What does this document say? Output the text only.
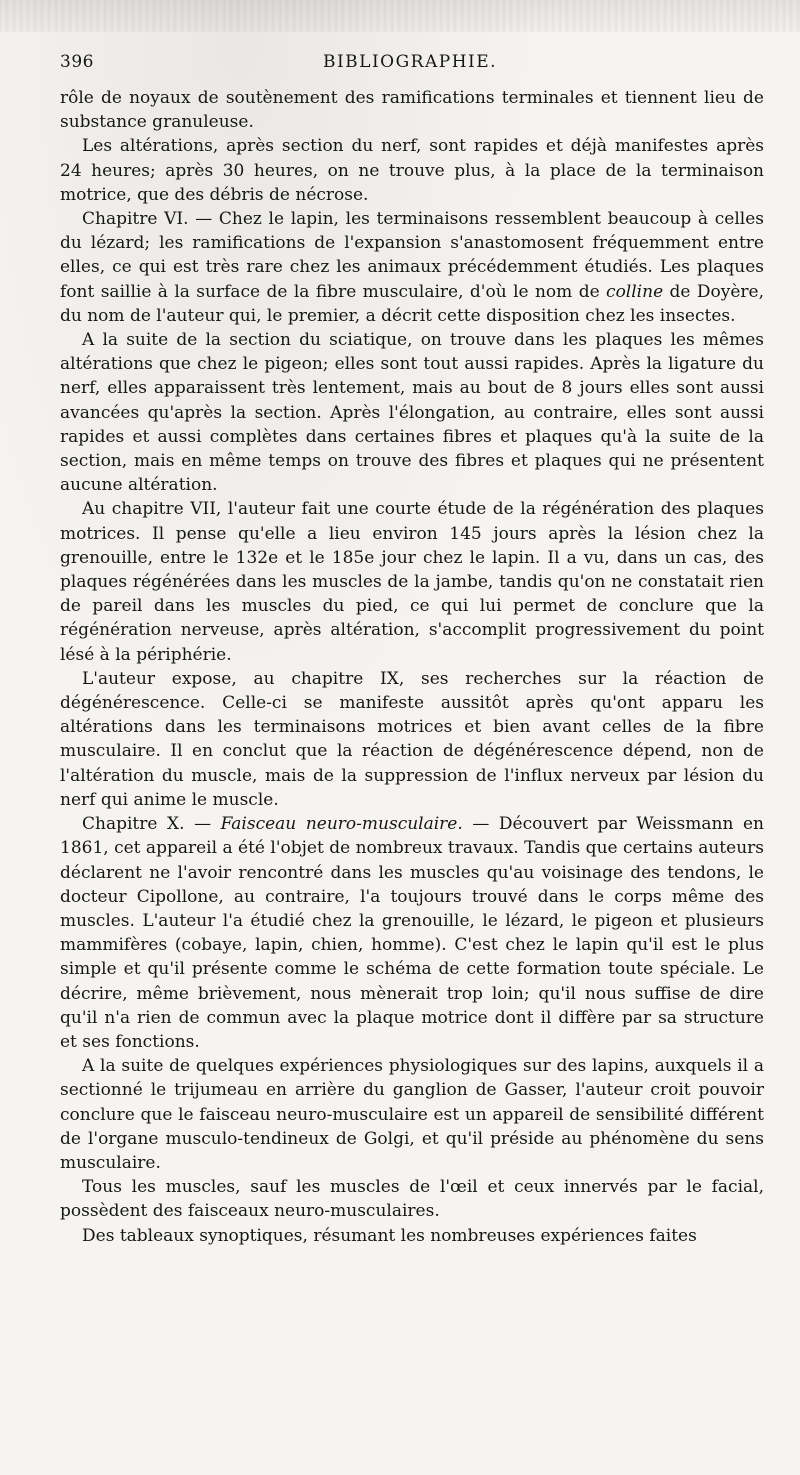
396	BIBLIOGRAPHIE.

rôle de noyaux de soutènement des ramifications terminales et tiennent lieu de substance granuleuse.

Les altérations, après section du nerf, sont rapides et déjà manifestes après 24 heures; après 30 heures, on ne trouve plus, à la place de la terminaison motrice, que des débris de nécrose.

Chapitre VI. — Chez le lapin, les terminaisons ressemblent beaucoup à celles du lézard; les ramifications de l'expansion s'anastomosent fréquemment entre elles, ce qui est très rare chez les animaux précédemment étudiés. Les plaques font saillie à la surface de la fibre musculaire, d'où le nom de colline de Doyère, du nom de l'auteur qui, le premier, a décrit cette disposition chez les insectes.

A la suite de la section du sciatique, on trouve dans les plaques les mêmes altérations que chez le pigeon; elles sont tout aussi rapides. Après la ligature du nerf, elles apparaissent très lentement, mais au bout de 8 jours elles sont aussi avancées qu'après la section. Après l'élongation, au contraire, elles sont aussi rapides et aussi complètes dans certaines fibres et plaques qu'à la suite de la section, mais en même temps on trouve des fibres et plaques qui ne présentent aucune altération.

Au chapitre VII, l'auteur fait une courte étude de la régénération des plaques motrices. Il pense qu'elle a lieu environ 145 jours après la lésion chez la grenouille, entre le 132e et le 185e jour chez le lapin. Il a vu, dans un cas, des plaques régénérées dans les muscles de la jambe, tandis qu'on ne constatait rien de pareil dans les muscles du pied, ce qui lui permet de conclure que la régénération nerveuse, après altération, s'accomplit progressivement du point lésé à la périphérie.

L'auteur expose, au chapitre IX, ses recherches sur la réaction de dégénérescence. Celle-ci se manifeste aussitôt après qu'ont apparu les altérations dans les terminaisons motrices et bien avant celles de la fibre musculaire. Il en conclut que la réaction de dégénérescence dépend, non de l'altération du muscle, mais de la suppression de l'influx nerveux par lésion du nerf qui anime le muscle.

Chapitre X. — Faisceau neuro-musculaire. — Découvert par Weissmann en 1861, cet appareil a été l'objet de nombreux travaux. Tandis que certains auteurs déclarent ne l'avoir rencontré dans les muscles qu'au voisinage des tendons, le docteur Cipollone, au contraire, l'a toujours trouvé dans le corps même des muscles. L'auteur l'a étudié chez la grenouille, le lézard, le pigeon et plusieurs mammifères (cobaye, lapin, chien, homme). C'est chez le lapin qu'il est le plus simple et qu'il présente comme le schéma de cette formation toute spéciale. Le décrire, même brièvement, nous mènerait trop loin; qu'il nous suffise de dire qu'il n'a rien de commun avec la plaque motrice dont il diffère par sa structure et ses fonctions.

A la suite de quelques expériences physiologiques sur des lapins, auxquels il a sectionné le trijumeau en arrière du ganglion de Gasser, l'auteur croit pouvoir conclure que le faisceau neuro-musculaire est un appareil de sensibilité différent de l'organe musculo-tendineux de Golgi, et qu'il préside au phénomène du sens musculaire.

Tous les muscles, sauf les muscles de l'œil et ceux innervés par le facial, possèdent des faisceaux neuro-musculaires.

Des tableaux synoptiques, résumant les nombreuses expériences faites
